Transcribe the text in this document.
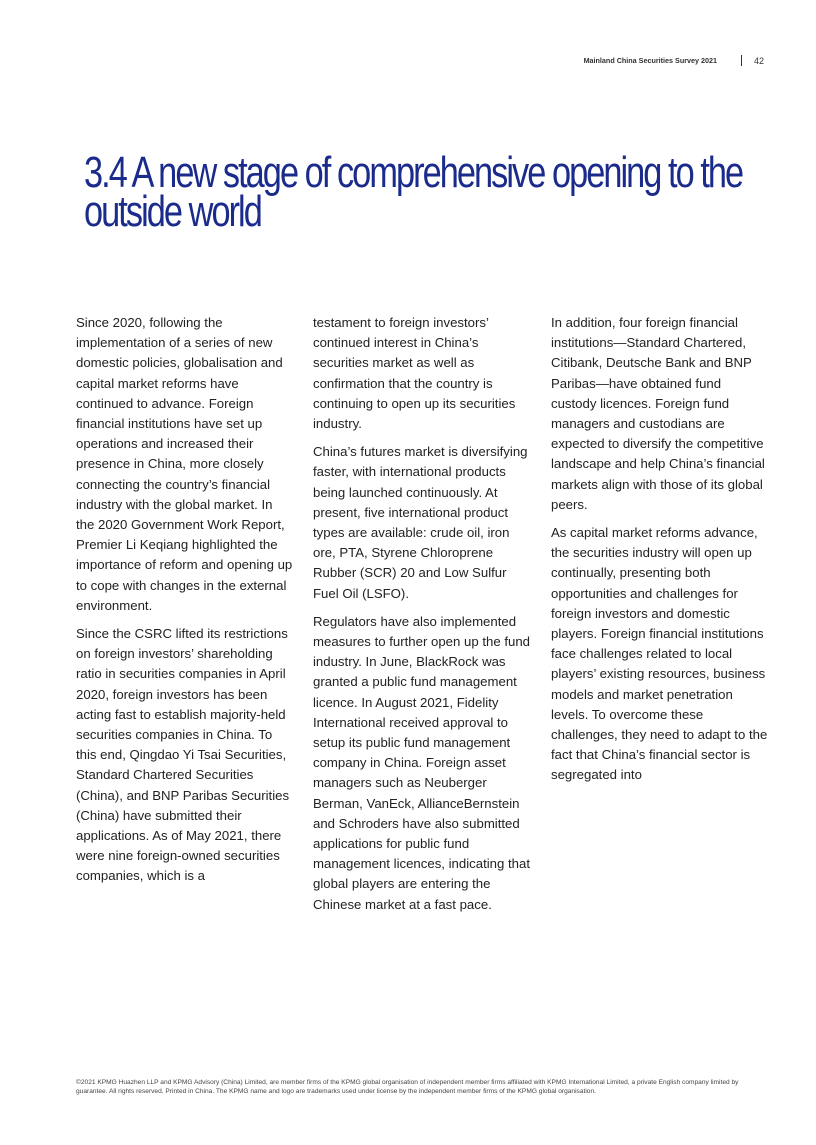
Mainland China Securities Survey 2021	42
3.4 A new stage of comprehensive opening to the outside world

Since 2020, following the implementation of a series of new domestic policies, globalisation and capital market reforms have continued to advance. Foreign financial institutions have set up operations and increased their presence in China, more closely connecting the country’s financial industry with the global market. In the 2020 Government Work Report, Premier Li Keqiang highlighted the importance of reform and opening up to cope with changes in the external environment.

Since the CSRC lifted its restrictions on foreign investors’ shareholding ratio in securities companies in April 2020, foreign investors has been acting fast to establish majority-held securities companies in China. To this end, Qingdao Yi Tsai Securities, Standard Chartered Securities (China), and BNP Paribas Securities (China) have submitted their applications. As of May 2021, there were nine foreign-owned securities companies, which is a

testament to foreign investors’ continued interest in China’s securities market as well as confirmation that the country is continuing to open up its securities industry.

China’s futures market is diversifying faster, with international products being launched continuously. At present, five international product types are available: crude oil, iron ore, PTA, Styrene Chloroprene Rubber (SCR) 20 and Low Sulfur Fuel Oil (LSFO).

Regulators have also implemented measures to further open up the fund industry. In June, BlackRock was granted a public fund management licence. In August 2021, Fidelity International received approval to setup its public fund management company in China. Foreign asset managers such as Neuberger Berman, VanEck, AllianceBernstein and Schroders have also submitted applications for public fund management licences, indicating that global players are entering the Chinese market at a fast pace.

In addition, four foreign financial institutions—Standard Chartered, Citibank, Deutsche Bank and BNP Paribas—have obtained fund custody licences. Foreign fund managers and custodians are expected to diversify the competitive landscape and help China’s financial markets align with those of its global peers.

As capital market reforms advance, the securities industry will open up continually, presenting both opportunities and challenges for foreign investors and domestic players. Foreign financial institutions face challenges related to local players’ existing resources, business models and market penetration levels. To overcome these challenges, they need to adapt to the fact that China’s financial sector is segregated into

©2021 KPMG Huazhen LLP and KPMG Advisory (China) Limited, are member firms of the KPMG global organisation of independent member firms affiliated with KPMG International Limited, a private English company limited by guarantee. All rights reserved. Printed in China. The KPMG name and logo are trademarks used under license by the independent member firms of the KPMG global organisation.
